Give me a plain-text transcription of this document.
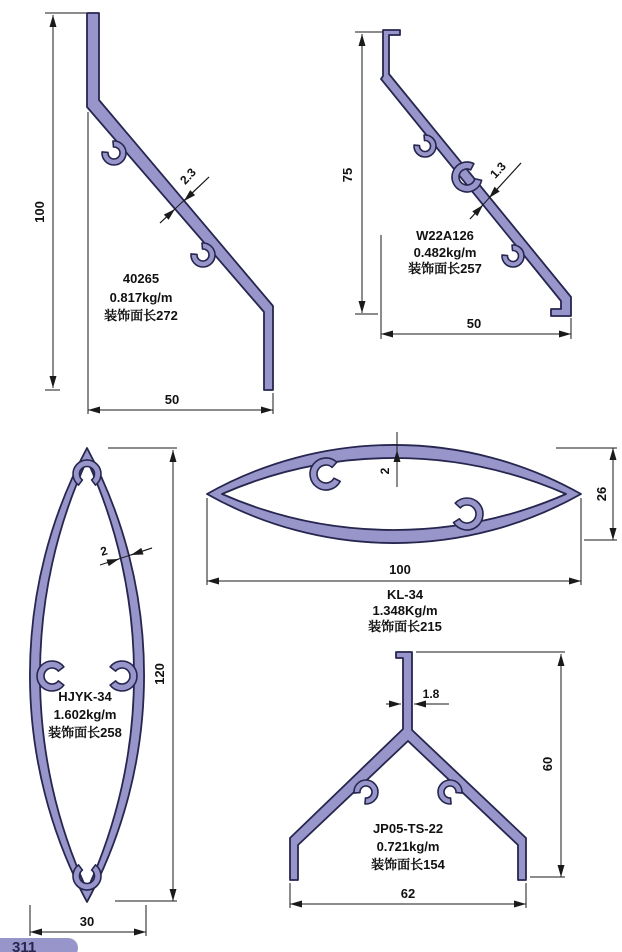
100
50
2.3
40265
0.817kg/m
装饰面长272
75
50
1.3
W22A126
0.482kg/m
装饰面长257
120
30
2
HJYK-34
1.602kg/m
装饰面长258
2
26
100
KL-34
1.348Kg/m
装饰面长215
1.8
60
62
JP05-TS-22
0.721kg/m
装饰面长154
311
